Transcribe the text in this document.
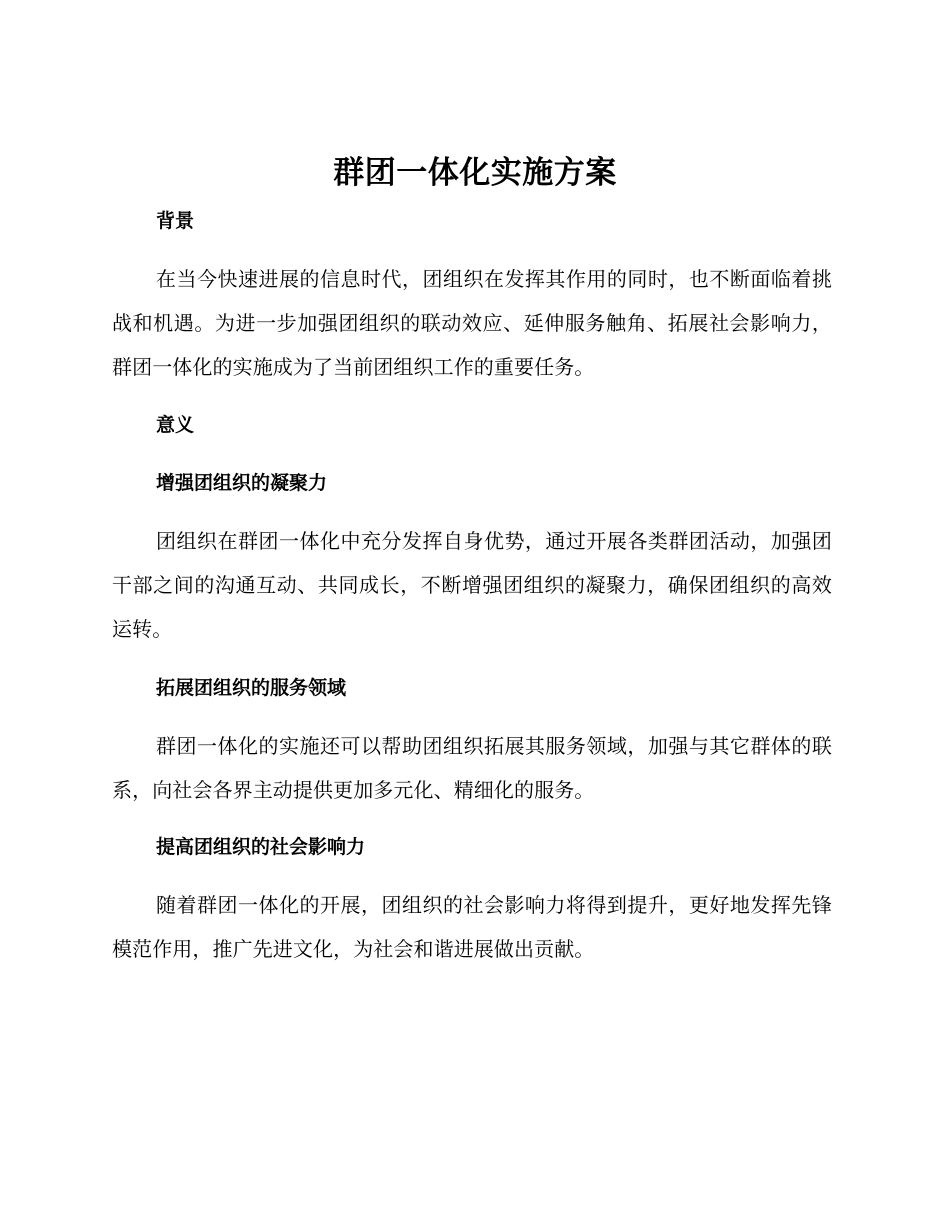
群团一体化实施方案
背景

在当今快速进展的信息时代，团组织在发挥其作用的同时，也不断面临着挑战和机遇。为进一步加强团组织的联动效应、延伸服务触角、拓展社会影响力，群团一体化的实施成为了当前团组织工作的重要任务。

意义
增强团组织的凝聚力

团组织在群团一体化中充分发挥自身优势，通过开展各类群团活动，加强团干部之间的沟通互动、共同成长，不断增强团组织的凝聚力，确保团组织的高效运转。

拓展团组织的服务领域

群团一体化的实施还可以帮助团组织拓展其服务领域，加强与其它群体的联系，向社会各界主动提供更加多元化、精细化的服务。

提高团组织的社会影响力

随着群团一体化的开展，团组织的社会影响力将得到提升，更好地发挥先锋模范作用，推广先进文化，为社会和谐进展做出贡献。
